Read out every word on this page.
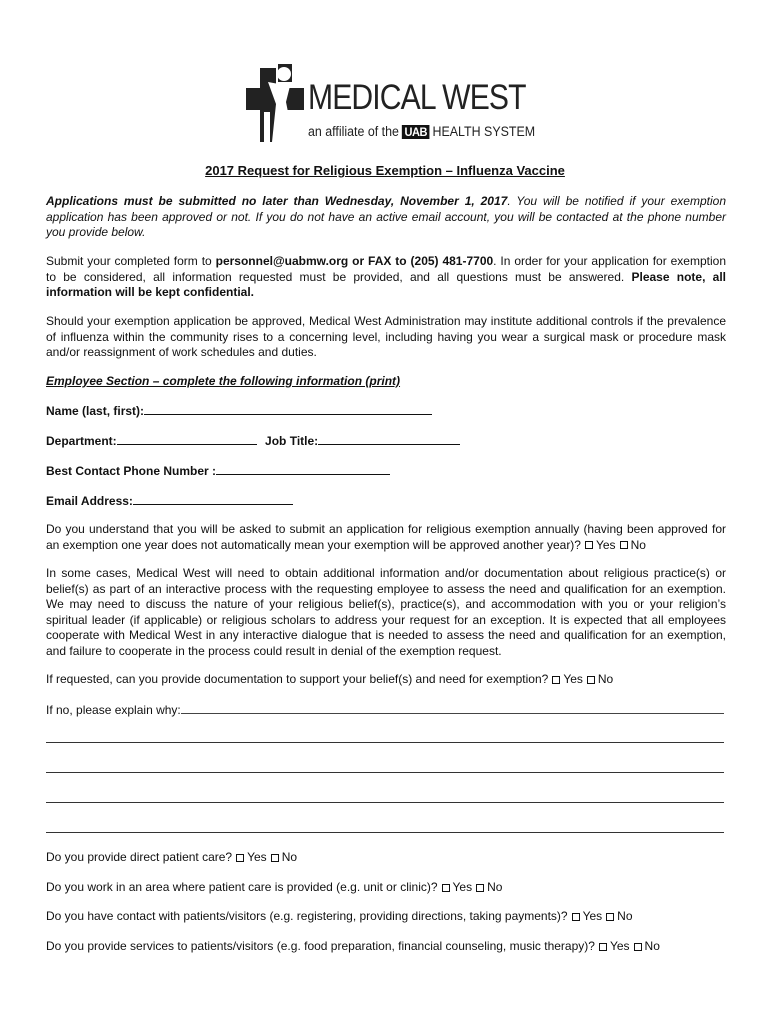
MEDICAL WEST
an affiliate of the UAB HEALTH SYSTEM
2017 Request for Religious Exemption – Influenza Vaccine
Applications must be submitted no later than Wednesday, November 1, 2017. You will be notified if your exemption application has been approved or not. If you do not have an active email account, you will be contacted at the phone number you provide below.
Submit your completed form to personnel@uabmw.org or FAX to (205) 481-7700. In order for your application for exemption to be considered, all information requested must be provided, and all questions must be answered. Please note, all information will be kept confidential.
Should your exemption application be approved, Medical West Administration may institute additional controls if the prevalence of influenza within the community rises to a concerning level, including having you wear a surgical mask or procedure mask and/or reassignment of work schedules and duties.
Employee Section – complete the following information (print)
Name (last, first):
Department:	Job Title:
Best Contact Phone Number :
Email Address:
Do you understand that you will be asked to submit an application for religious exemption annually (having been approved for an exemption one year does not automatically mean your exemption will be approved another year)? Yes No
In some cases, Medical West will need to obtain additional information and/or documentation about religious practice(s) or belief(s) as part of an interactive process with the requesting employee to assess the need and qualification for an exemption. We may need to discuss the nature of your religious belief(s), practice(s), and accommodation with you or your religion’s spiritual leader (if applicable) or religious scholars to address your request for an exception. It is expected that all employees cooperate with Medical West in any interactive dialogue that is needed to assess the need and qualification for an exemption, and failure to cooperate in the process could result in denial of the exemption request.
If requested, can you provide documentation to support your belief(s) and need for exemption? Yes No
If no, please explain why:
Do you provide direct patient care? Yes No
Do you work in an area where patient care is provided (e.g. unit or clinic)? Yes No
Do you have contact with patients/visitors (e.g. registering, providing directions, taking payments)? Yes No
Do you provide services to patients/visitors (e.g. food preparation, financial counseling, music therapy)? Yes No
